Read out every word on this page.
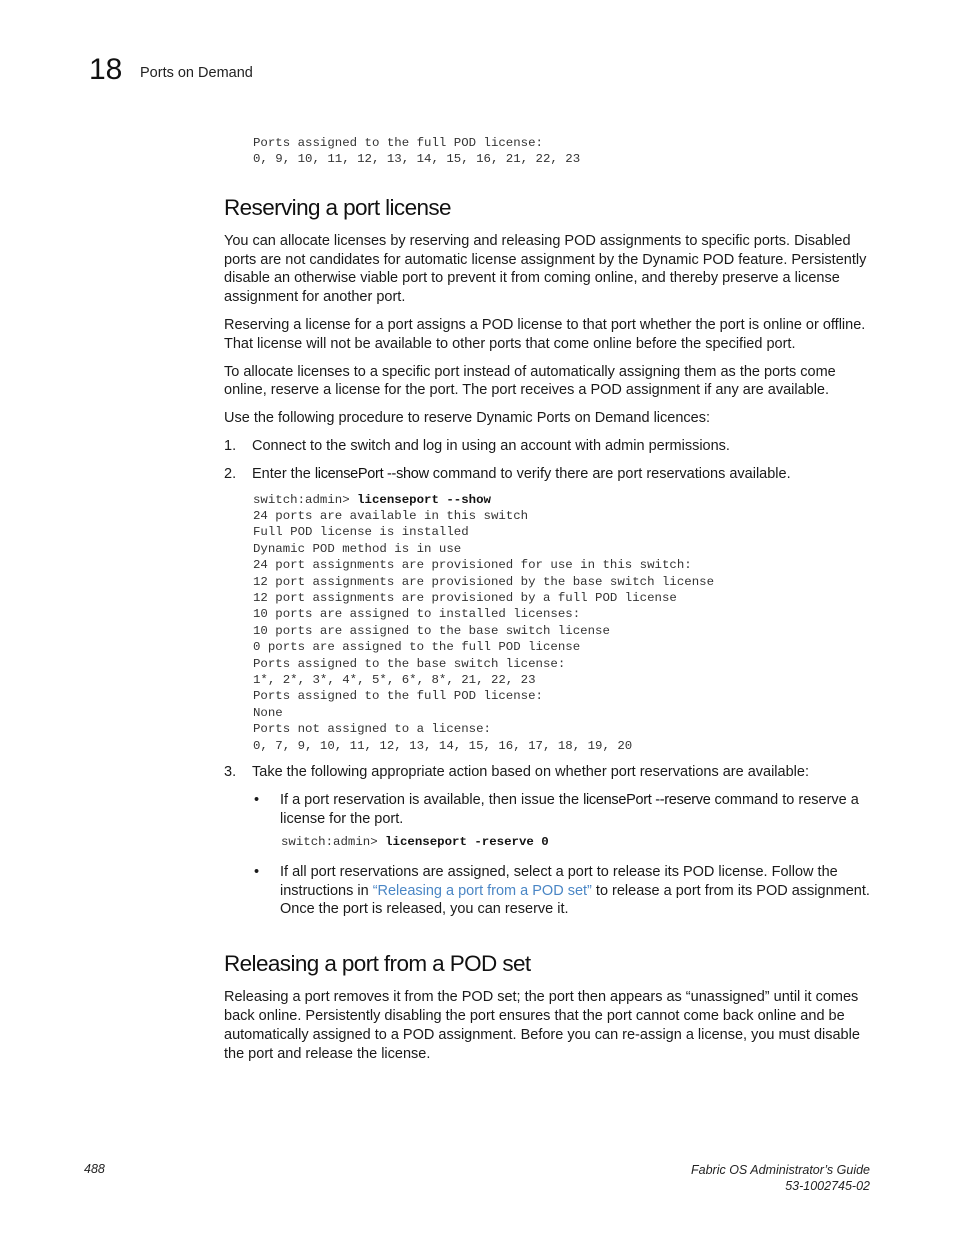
18 Ports on Demand
Ports assigned to the full POD license:
0, 9, 10, 11, 12, 13, 14, 15, 16, 21, 22, 23
Reserving a port license

You can allocate licenses by reserving and releasing POD assignments to specific ports. Disabled ports are not candidates for automatic license assignment by the Dynamic POD feature. Persistently disable an otherwise viable port to prevent it from coming online, and thereby preserve a license assignment for another port.

Reserving a license for a port assigns a POD license to that port whether the port is online or offline. That license will not be available to other ports that come online before the specified port.

To allocate licenses to a specific port instead of automatically assigning them as the ports come online, reserve a license for the port. The port receives a POD assignment if any are available.

Use the following procedure to reserve Dynamic Ports on Demand licences:

1. Connect to the switch and log in using an account with admin permissions.
2. Enter the licensePort --show command to verify there are port reservations available.
switch:admin> licenseport --show
24 ports are available in this switch
Full POD license is installed
Dynamic POD method is in use
24 port assignments are provisioned for use in this switch:
12 port assignments are provisioned by the base switch license
12 port assignments are provisioned by a full POD license
10 ports are assigned to installed licenses:
10 ports are assigned to the base switch license
0 ports are assigned to the full POD license
Ports assigned to the base switch license:
1*, 2*, 3*, 4*, 5*, 6*, 8*, 21, 22, 23
Ports assigned to the full POD license:
None
Ports not assigned to a license:
0, 7, 9, 10, 11, 12, 13, 14, 15, 16, 17, 18, 19, 20
3. Take the following appropriate action based on whether port reservations are available:
• If a port reservation is available, then issue the licensePort --reserve command to reserve a license for the port.
switch:admin> licenseport -reserve 0
• If all port reservations are assigned, select a port to release its POD license. Follow the instructions in “Releasing a port from a POD set” to release a port from its POD assignment. Once the port is released, you can reserve it.
Releasing a port from a POD set

Releasing a port removes it from the POD set; the port then appears as “unassigned” until it comes back online. Persistently disabling the port ensures that the port cannot come back online and be automatically assigned to a POD assignment. Before you can re-assign a license, you must disable the port and release the license.

488	Fabric OS Administrator’s Guide
53-1002745-02
